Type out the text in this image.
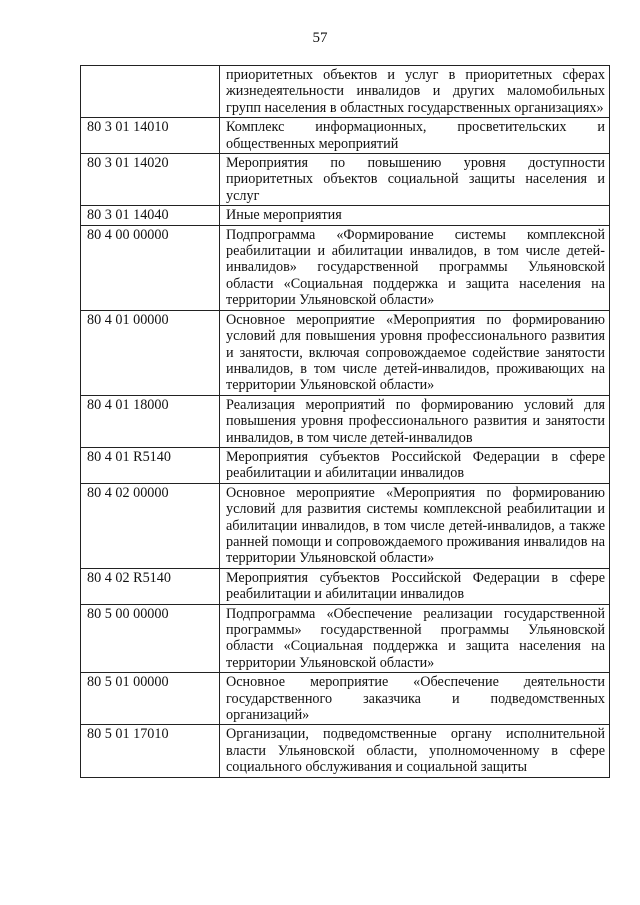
57
	приоритетных объектов и услуг в приоритетных сферах жизнедеятельности инвалидов и других маломобильных групп населения в областных государственных организациях»
80 3 01 14010	Комплекс информационных, просветительских и общественных мероприятий
80 3 01 14020	Мероприятия по повышению уровня доступности приоритетных объектов социальной защиты населения и услуг
80 3 01 14040	Иные мероприятия
80 4 00 00000	Подпрограмма «Формирование системы комплексной реабилитации и абилитации инвалидов, в том числе детей-инвалидов» государственной программы Ульяновской области «Социальная поддержка и защита населения на территории Ульяновской области»
80 4 01 00000	Основное мероприятие «Мероприятия по формированию условий для повышения уровня профессионального развития и занятости, включая сопровождаемое содействие занятости инвалидов, в том числе детей-инвалидов, проживающих на территории Ульяновской области»
80 4 01 18000	Реализация мероприятий по формированию условий для повышения уровня профессионального развития и занятости инвалидов, в том числе детей-инвалидов
80 4 01 R5140	Мероприятия субъектов Российской Федерации в сфере реабилитации и абилитации инвалидов
80 4 02 00000	Основное мероприятие «Мероприятия по формированию условий для развития системы комплексной реабилитации и абилитации инвалидов, в том числе детей-инвалидов, а также ранней помощи и сопровождаемого проживания инвалидов на территории Ульяновской области»
80 4 02 R5140	Мероприятия субъектов Российской Федерации в сфере реабилитации и абилитации инвалидов
80 5 00 00000	Подпрограмма «Обеспечение реализации государственной программы» государственной программы Ульяновской области «Социальная поддержка и защита населения на территории Ульяновской области»
80 5 01 00000	Основное мероприятие «Обеспечение деятельности государственного заказчика и подведомственных организаций»
80 5 01 17010	Организации, подведомственные органу исполнительной власти Ульяновской области, уполномоченному в сфере социального обслуживания и социальной защиты
